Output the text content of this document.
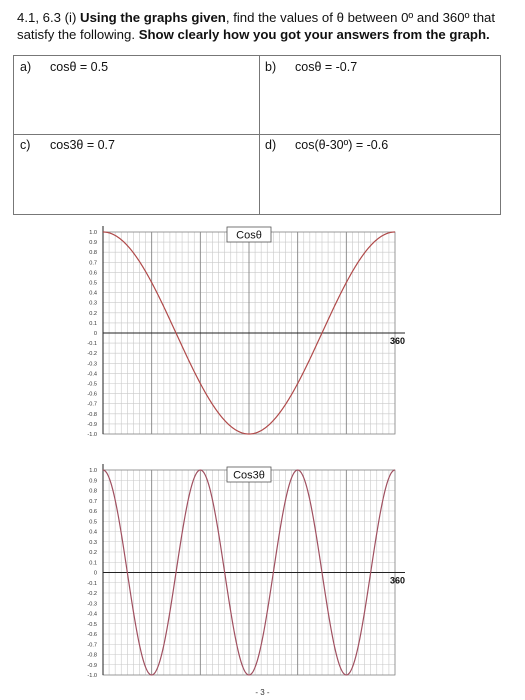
4.1, 6.3 (i) Using the graphs given, find the values of θ between 0º and 360º that satisfy the following. Show clearly how you got your answers from the graph.
a) cosθ = 0.5	b) cosθ = -0.7
c) cos3θ = 0.7	d) cos(θ-30º) = -0.6
1.0
0.9
0.8
0.7
0.6
0.5
0.4
0.3
0.2
0.1
0
-0.1
-0.2
-0.3
-0.4
-0.5
-0.6
-0.7
-0.8
-0.9
-1.0
Cosθ
360
1.0
0.9
0.8
0.7
0.6
0.5
0.4
0.3
0.2
0.1
0
-0.1
-0.2
-0.3
-0.4
-0.5
-0.6
-0.7
-0.8
-0.9
-1.0
Cos3θ
360
- 3 -
